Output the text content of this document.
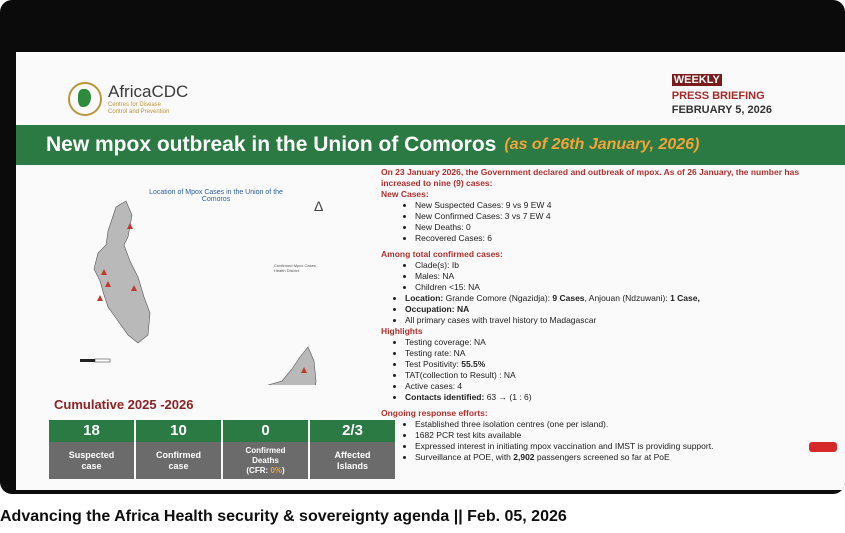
AfricaCDC
Centres for Disease Control and Prevention
WEEKLY
PRESS BRIEFING
FEBRUARY 5, 2026
New mpox outbreak in the Union of Comoros (as of 26th January, 2026)
Location of Mpox Cases in the Union of the Comoros	Δ
Confirmed Mpox Cases
Health District
Cumulative 2025 -2026
18
Suspected
case
10
Confirmed
case
0
Confirmed
Deaths
(CFR: 0%)
2/3
Affected
Islands
On 23 January 2026, the Government declared and outbreak of mpox. As of 26 January, the number has increased to nine (9) cases:
New Cases:
• New Suspected Cases: 9 vs 9 EW 4
• New Confirmed Cases: 3 vs 7 EW 4
• New Deaths: 0
• Recovered Cases: 6
Among total confirmed cases:
• Clade(s): Ib
• Males: NA
• Children <15: NA
• Location: Grande Comore (Ngazidja): 9 Cases, Anjouan (Ndzuwani): 1 Case,
• Occupation: NA
• All primary cases with travel history to Madagascar
Highlights
• Testing coverage: NA
• Testing rate: NA
• Test Positivity: 55.5%
• TAT(collection to Result) : NA
• Active cases: 4
• Contacts identified: 63 → (1 : 6)
Ongoing response efforts:
• Established three isolation centres (one per island).
• 1682 PCR test kits available
• Expressed interest in initiating mpox vaccination and IMST is providing support.
• Surveillance at POE, with 2,902 passengers screened so far at PoE
Advancing the Africa Health security & sovereignty agenda || Feb. 05, 2026
